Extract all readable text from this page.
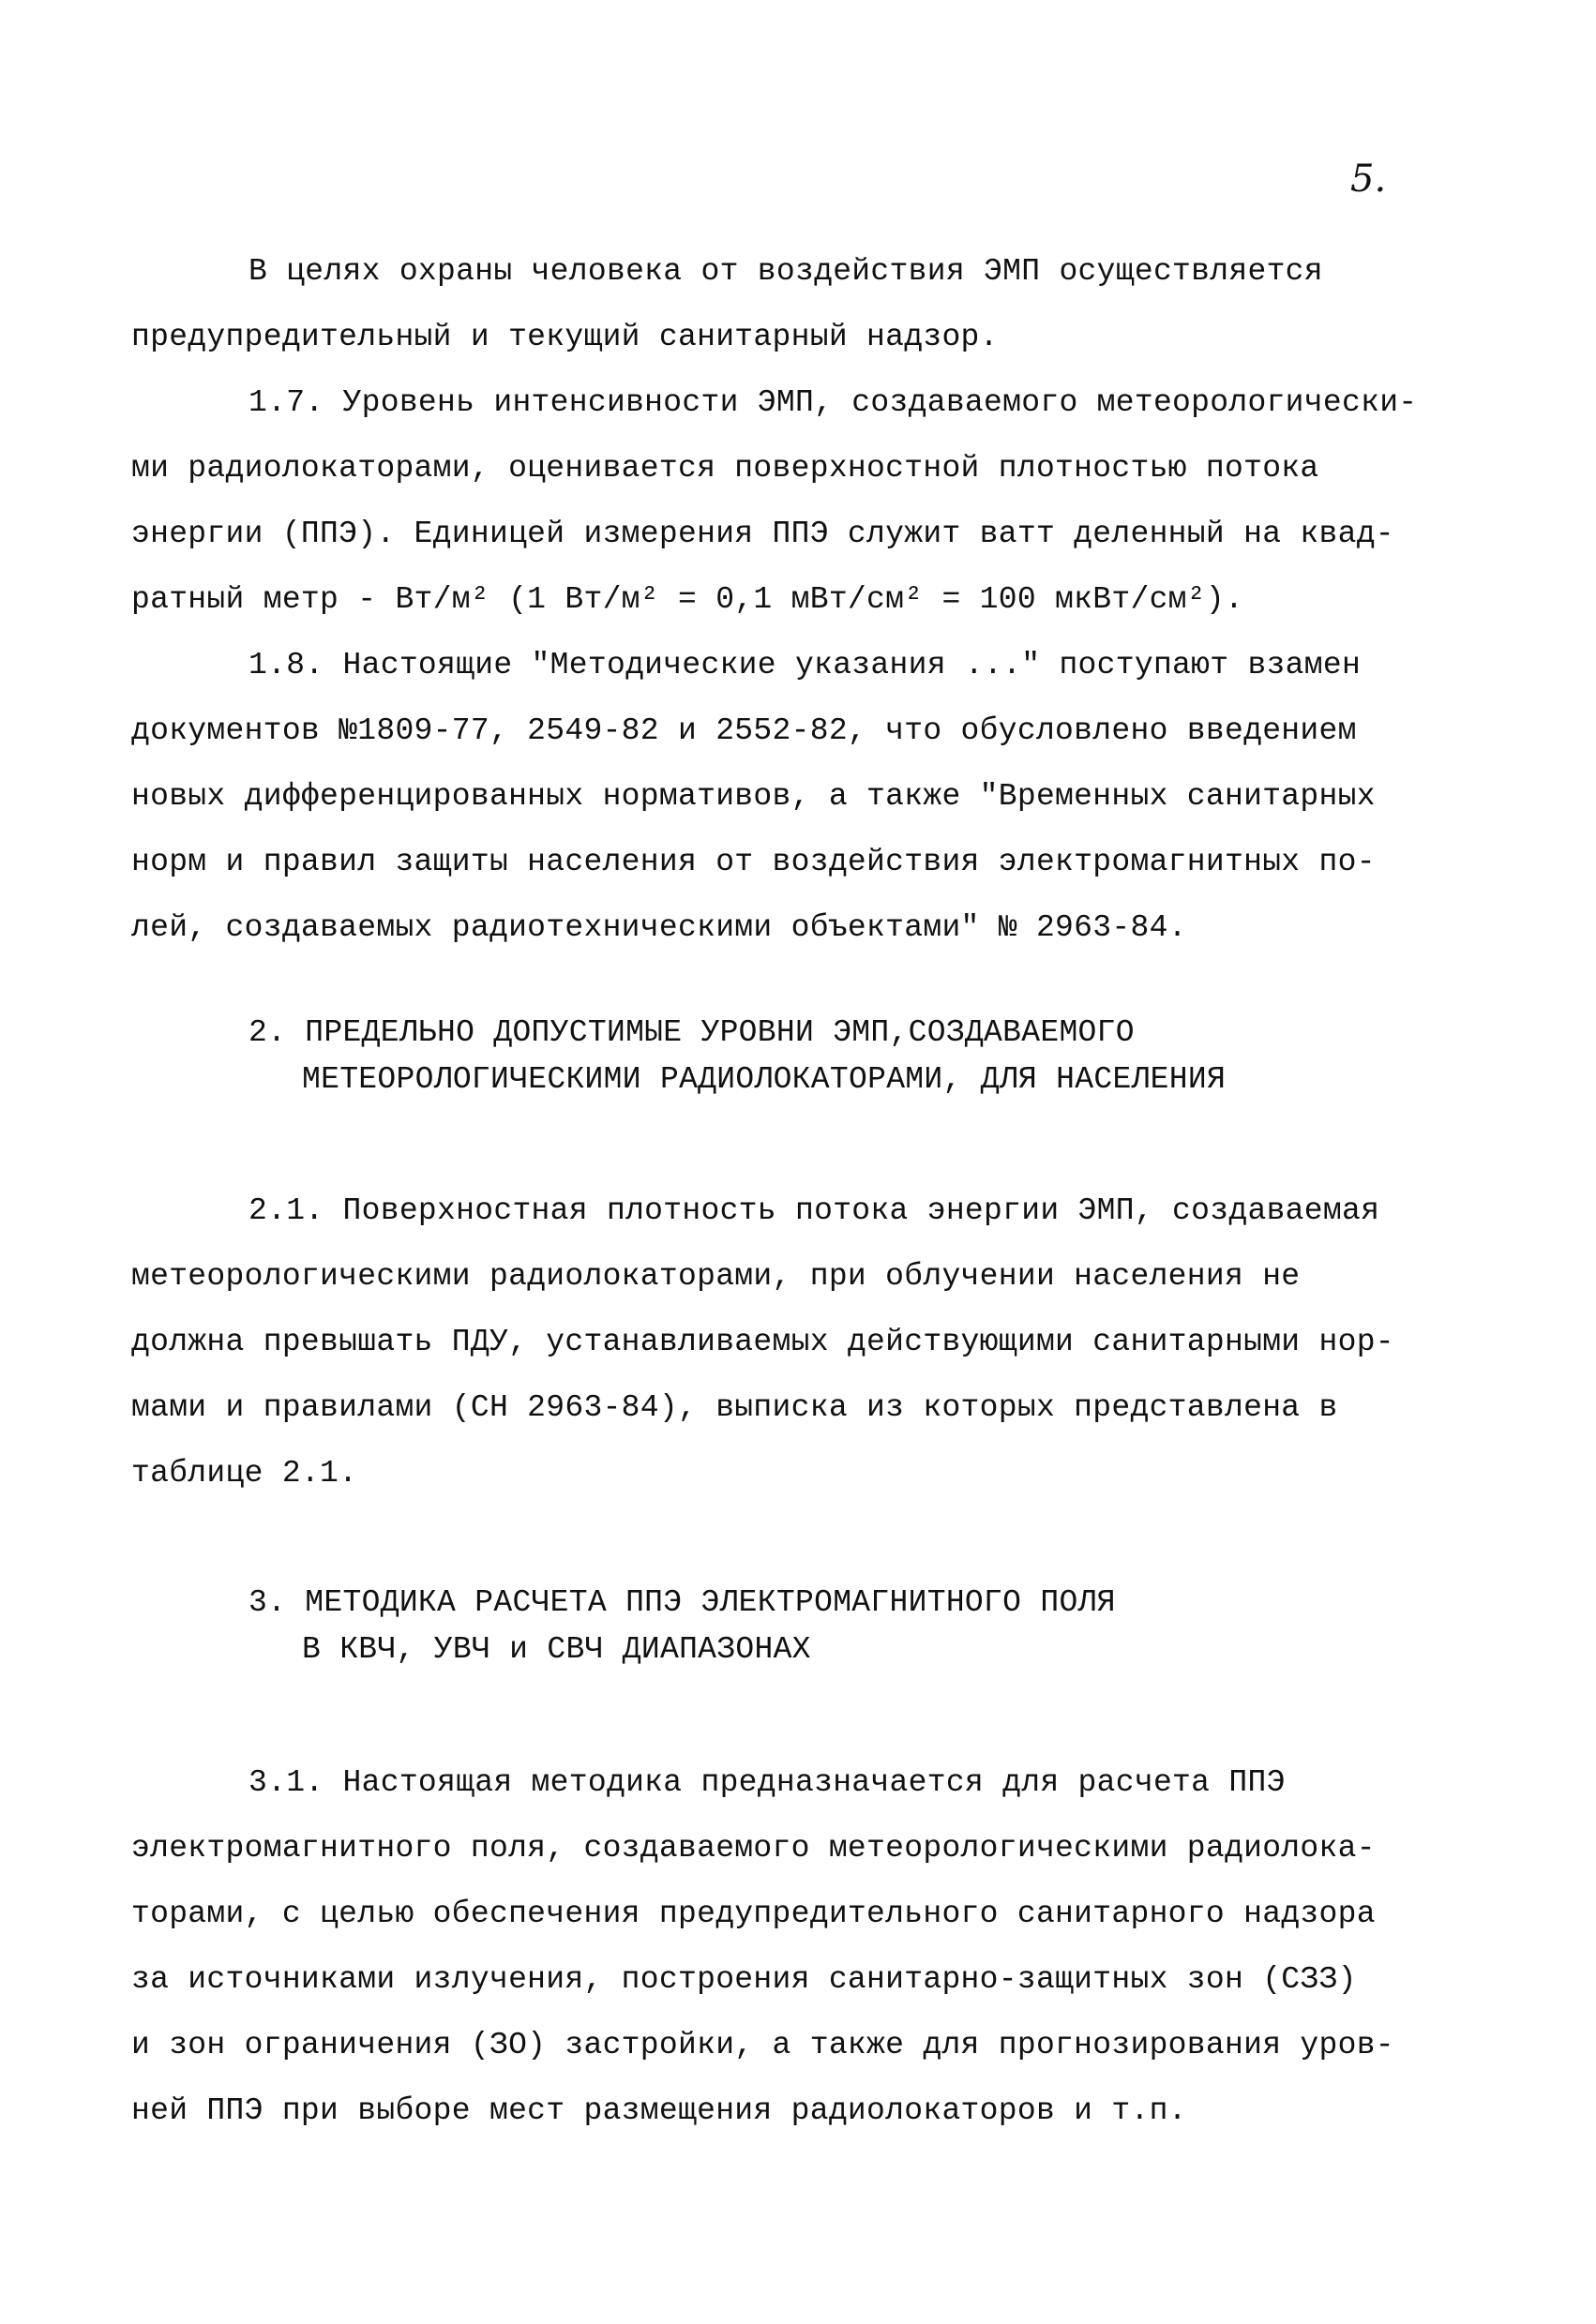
5.
В целях охраны человека от воздействия ЭМП осуществляется
предупредительный и текущий санитарный надзор.
1.7. Уровень интенсивности ЭМП, создаваемого метеорологически-
ми радиолокаторами, оценивается поверхностной плотностью потока
энергии (ППЭ). Единицей измерения ППЭ служит ватт деленный на квад-
ратный метр - Вт/м² (1 Вт/м² = 0,1 мВт/см² = 100 мкВт/см²).
1.8. Настоящие "Методические указания ..." поступают взамен
документов №1809-77, 2549-82 и 2552-82, что обусловлено введением
новых дифференцированных нормативов, а также "Временных санитарных
норм и правил защиты населения от воздействия электромагнитных по-
лей, создаваемых радиотехническими объектами" № 2963-84.
2. ПРЕДЕЛЬНО ДОПУСТИМЫЕ УРОВНИ ЭМП,СОЗДАВАЕМОГО
МЕТЕОРОЛОГИЧЕСКИМИ РАДИОЛОКАТОРАМИ, ДЛЯ НАСЕЛЕНИЯ
2.1. Поверхностная плотность потока энергии ЭМП, создаваемая
метеорологическими радиолокаторами, при облучении населения не
должна превышать ПДУ, устанавливаемых действующими санитарными нор-
мами и правилами (СН 2963-84), выписка из которых представлена в
таблице 2.1.
3. МЕТОДИКА РАСЧЕТА ППЭ ЭЛЕКТРОМАГНИТНОГО ПОЛЯ
В КВЧ, УВЧ и СВЧ ДИАПАЗОНАХ
3.1. Настоящая методика предназначается для расчета ППЭ
электромагнитного поля, создаваемого метеорологическими радиолока-
торами, с целью обеспечения предупредительного санитарного надзора
за источниками излучения, построения санитарно-защитных зон (СЗЗ)
и зон ограничения (ЗО) застройки, а также для прогнозирования уров-
ней ППЭ при выборе мест размещения радиолокаторов и т.п.
